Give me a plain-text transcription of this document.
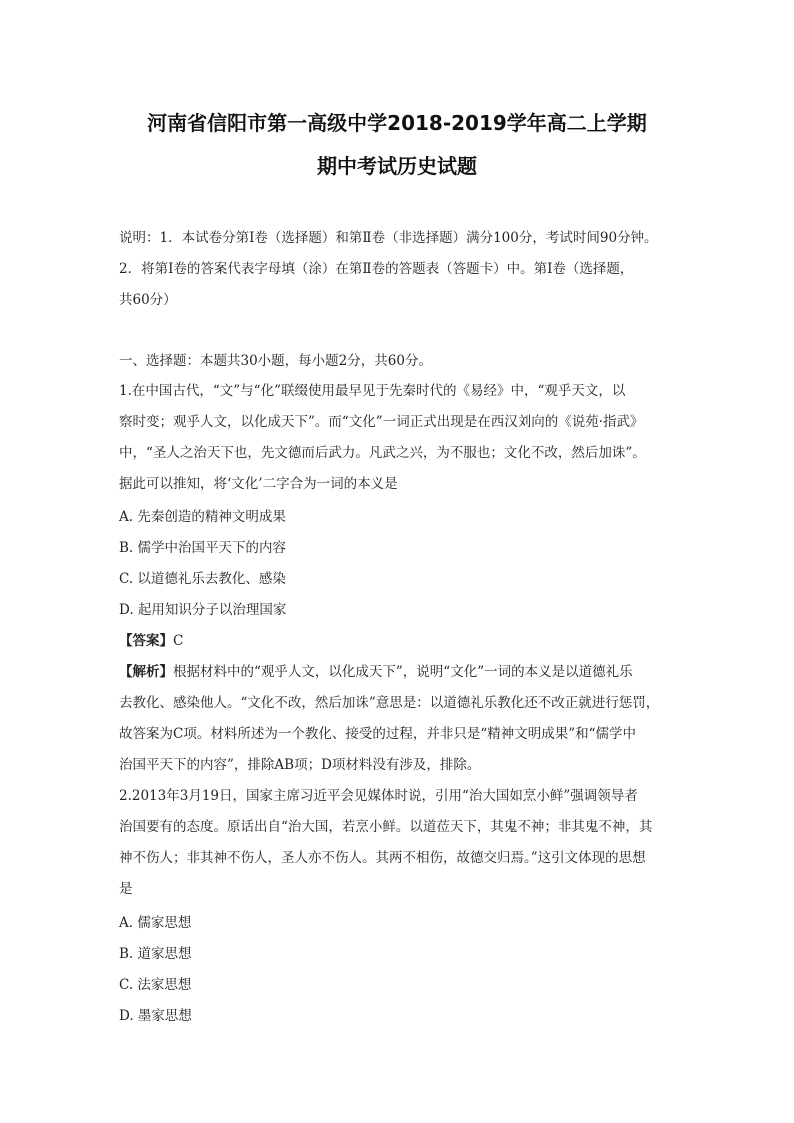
河南省信阳市第一高级中学2018-2019学年高二上学期
期中考试历史试题
说明：1．本试卷分第Ⅰ卷（选择题）和第Ⅱ卷（非选择题）满分100分，考试时间90分钟。
2．将第Ⅰ卷的答案代表字母填（涂）在第Ⅱ卷的答题表（答题卡）中。第Ⅰ卷（选择题，
共60分）
一、选择题：本题共30小题，每小题2分，共60分。
1.在中国古代，“文”与“化”联缀使用最早见于先秦时代的《易经》中，“观乎天文，以
察时变；观乎人文，以化成天下”。而“文化”一词正式出现是在西汉刘向的《说苑·指武》
中，“圣人之治天下也，先文德而后武力。凡武之兴，为不服也；文化不改，然后加诛”。
据此可以推知，将‘文化’二字合为一词的本义是
A. 先秦创造的精神文明成果
B. 儒学中治国平天下的内容
C. 以道德礼乐去教化、感染
D. 起用知识分子以治理国家
【答案】C
【解析】根据材料中的“观乎人文，以化成天下”，说明“文化”一词的本义是以道德礼乐
去教化、感染他人。“文化不改，然后加诛”意思是：以道德礼乐教化还不改正就进行惩罚，
故答案为C项。材料所述为一个教化、接受的过程，并非只是“精神文明成果”和“儒学中
治国平天下的内容”，排除AB项；D项材料没有涉及，排除。
2.2013年3月19日，国家主席习近平会见媒体时说，引用“治大国如烹小鲜”强调领导者
治国要有的态度。原话出自“治大国，若烹小鲜。以道莅天下，其鬼不神；非其鬼不神，其
神不伤人；非其神不伤人，圣人亦不伤人。其两不相伤，故德交归焉。”这引文体现的思想
是
A. 儒家思想
B. 道家思想
C. 法家思想
D. 墨家思想
